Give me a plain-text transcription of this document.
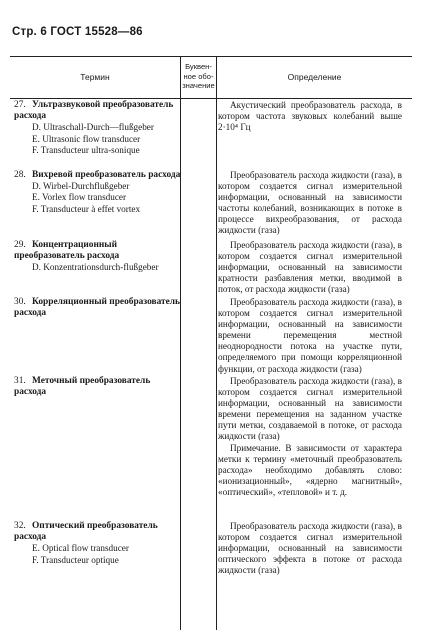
Стр. 6 ГОСТ 15528—86
Термин
Буквен-ное обо-значение
Определение
27. Ультразвуковой преобразователь расхода
D. Ultraschall-Durch—flußgeber
E. Ultrasonic flow transducer
F. Transducteur ultra-sonique

Акустический преобразователь расхода, в котором частота звуковых колебаний выше 2·10⁴ Гц

28. Вихревой преобразователь расхода
D. Wirbel-Durchflußgeber
E. Vorlex flow transducer
F. Transducteur à effet vortex

Преобразователь расхода жидкости (газа), в котором создается сигнал измерительной информации, основанный на зависимости частоты колебаний, возникающих в потоке в процессе вихреобразования, от расхода жидкости (газа)

29. Концентрационный преобразователь расхода
D. Konzentrationsdurch-flußgeber

Преобразователь расхода жидкости (газа), в котором создается сигнал измерительной информации, основанный на зависимости кратности разбавления метки, вводимой в поток, от расхода жидкости (газа)

30. Корреляционный преобразователь расхода

Преобразователь расхода жидкости (газа), в котором создается сигнал измерительной информации, основанный на зависимости времени перемещения местной неоднородности потока на участке пути, определяемого при помощи корреляционной функции, от расхода жидкости (газа)

31. Меточный преобразователь расхода

Преобразователь расхода жидкости (газа), в котором создается сигнал измерительной информации, основанный на зависимости времени перемещения на заданном участке пути метки, создаваемой в потоке, от расхода жидкости (газа)

Примечание. В зависимости от характера метки к термину «меточный преобразователь расхода» необходимо добавлять слово: «ионизационный», «ядерно магнитный», «оптический», «тепловой» и т. д.

32. Оптический преобразователь расхода
E. Optical flow transducer
F. Transducteur optique

Преобразователь расхода жидкости (газа), в котором создается сигнал измерительной информации, основанный на зависимости оптического эффекта в потоке от расхода жидкости (газа)
